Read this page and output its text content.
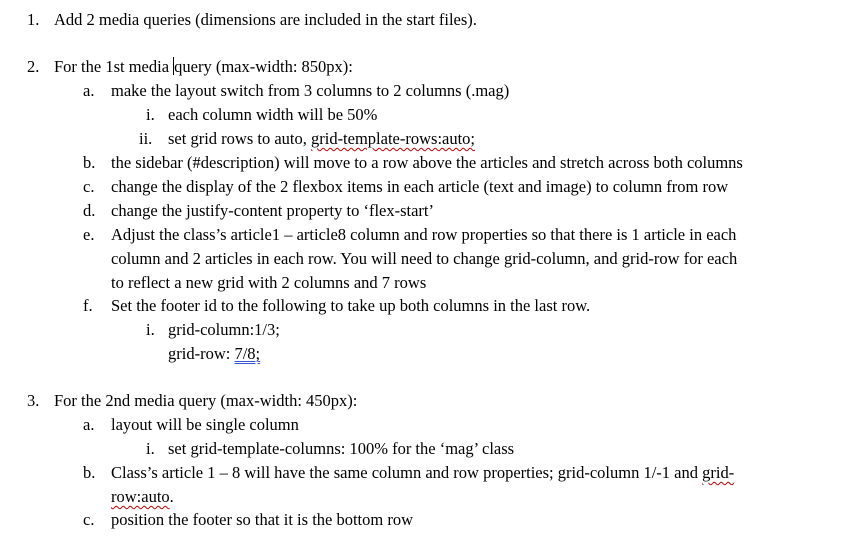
1. Add 2 media queries (dimensions are included in the start files).
2. For the 1st media query (max-width: 850px):
a. make the layout switch from 3 columns to 2 columns (.mag)
i. each column width will be 50%
ii. set grid rows to auto, grid-template-rows:auto;
b. the sidebar (#description) will move to a row above the articles and stretch across both columns
c. change the display of the 2 flexbox items in each article (text and image) to column from row
d. change the justify-content property to ‘flex-start’
e. Adjust the class’s article1 – article8 column and row properties so that there is 1 article in each
column and 2 articles in each row. You will need to change grid-column, and grid-row for each
to reflect a new grid with 2 columns and 7 rows
f. Set the footer id to the following to take up both columns in the last row.
i. grid-column:1/3;
grid-row: 7/8;
3. For the 2nd media query (max-width: 450px):
a. layout will be single column
i. set grid-template-columns: 100% for the ‘mag’ class
b. Class’s article 1 – 8 will have the same column and row properties; grid-column 1/-1 and grid-
row:auto.
c. position the footer so that it is the bottom row
